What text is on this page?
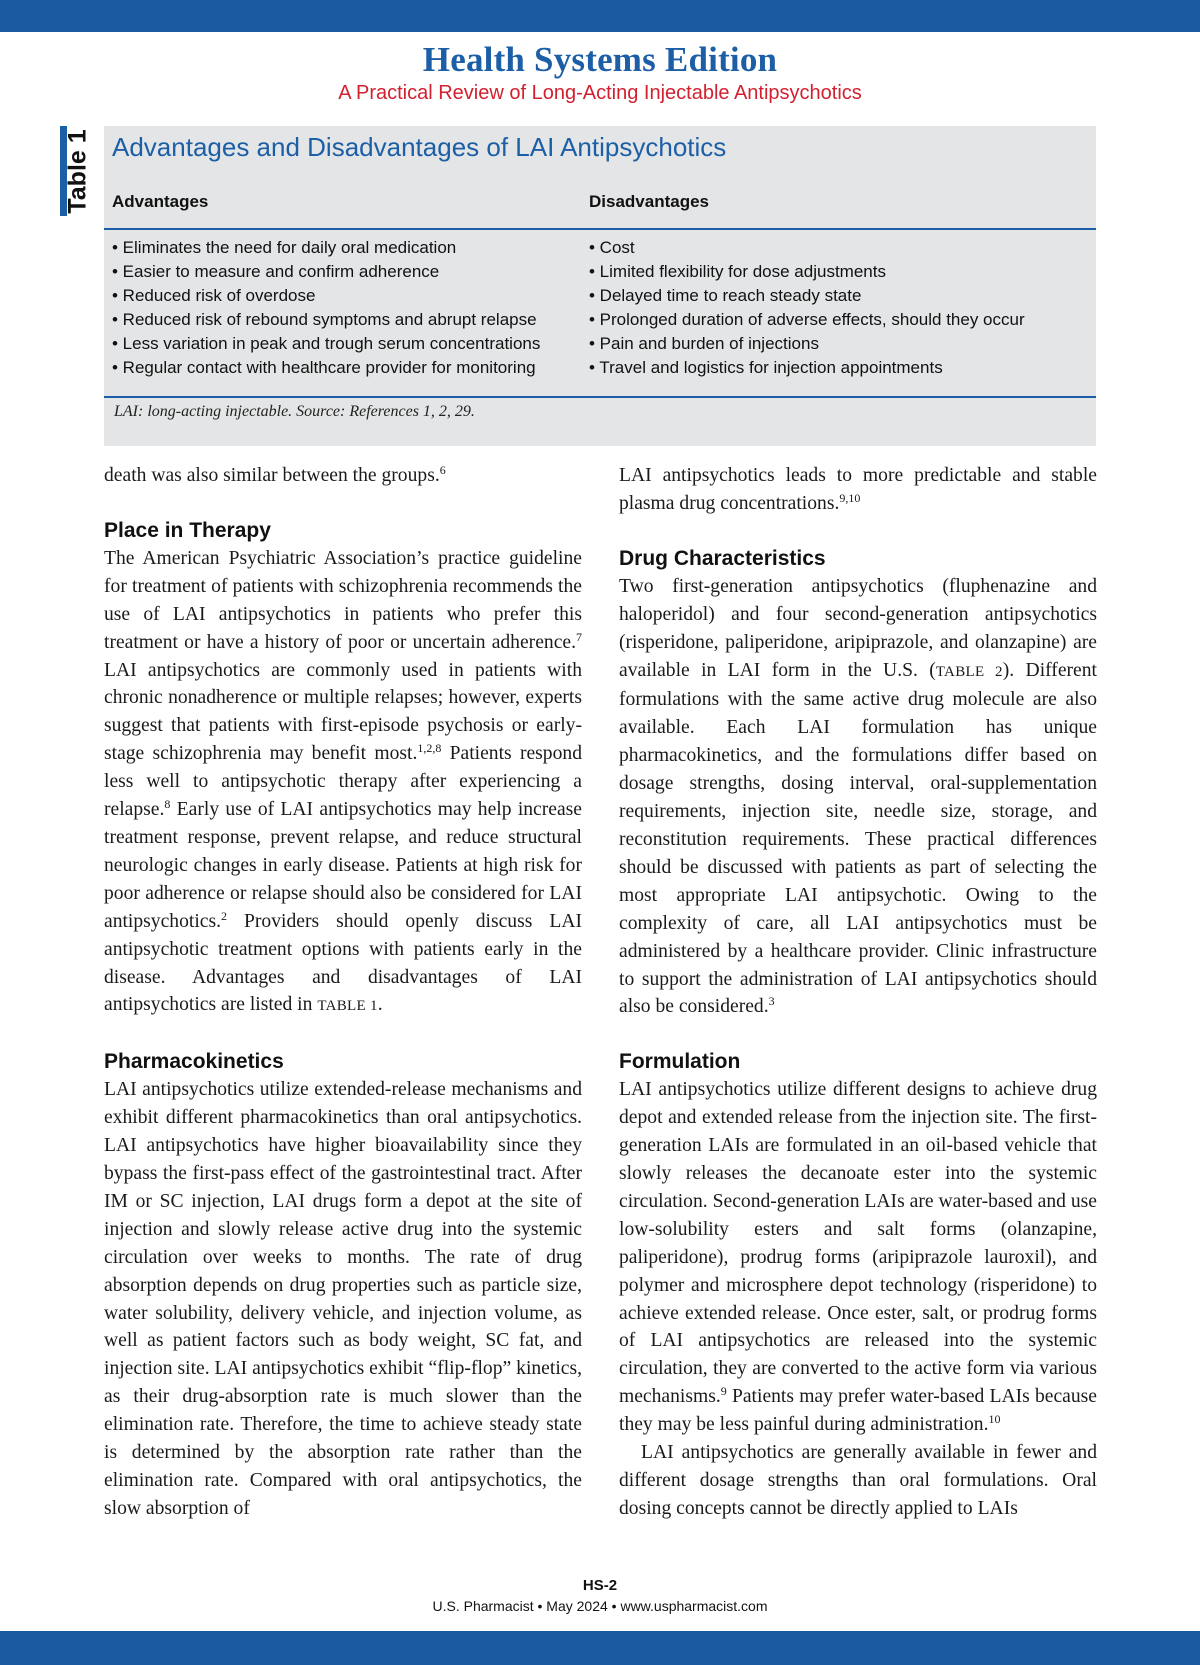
Health Systems Edition
A Practical Review of Long-Acting Injectable Antipsychotics
Table 1 Advantages and Disadvantages of LAI Antipsychotics
Advantages	Disadvantages
• Eliminates the need for daily oral medication
• Easier to measure and confirm adherence
• Reduced risk of overdose
• Reduced risk of rebound symptoms and abrupt relapse
• Less variation in peak and trough serum concentrations
• Regular contact with healthcare provider for monitoring
• Cost
• Limited flexibility for dose adjustments
• Delayed time to reach steady state
• Prolonged duration of adverse effects, should they occur
• Pain and burden of injections
• Travel and logistics for injection appointments
LAI: long-acting injectable. Source: References 1, 2, 29.

death was also similar between the groups.$^6$

Place in Therapy

The American Psychiatric Association’s practice guideline for treatment of patients with schizophrenia recommends the use of LAI antipsychotics in patients who prefer this treatment or have a history of poor or uncertain adherence.$^7$ LAI antipsychotics are commonly used in patients with chronic nonadherence or multiple relapses; however, experts suggest that patients with first-episode psychosis or early-stage schizophrenia may benefit most.$^{1,2,8}$ Patients respond less well to antipsychotic therapy after experiencing a relapse.$^8$ Early use of LAI antipsychotics may help increase treatment response, prevent relapse, and reduce structural neurologic changes in early disease. Patients at high risk for poor adherence or relapse should also be considered for LAI antipsychotics.$^2$ Providers should openly discuss LAI antipsychotic treatment options with patients early in the disease. Advantages and disadvantages of LAI antipsychotics are listed in TABLE 1.

Pharmacokinetics

LAI antipsychotics utilize extended-release mechanisms and exhibit different pharmacokinetics than oral antipsychotics. LAI antipsychotics have higher bioavailability since they bypass the first-pass effect of the gastrointestinal tract. After IM or SC injection, LAI drugs form a depot at the site of injection and slowly release active drug into the systemic circulation over weeks to months. The rate of drug absorption depends on drug properties such as particle size, water solubility, delivery vehicle, and injection volume, as well as patient factors such as body weight, SC fat, and injection site. LAI antipsychotics exhibit “flip-flop” kinetics, as their drug-absorption rate is much slower than the elimination rate. Therefore, the time to achieve steady state is determined by the absorption rate rather than the elimination rate. Compared with oral antipsychotics, the slow absorption of

LAI antipsychotics leads to more predictable and stable plasma drug concentrations.$^{9,10}$

Drug Characteristics

Two first-generation antipsychotics (fluphenazine and haloperidol) and four second-generation antipsychotics (risperidone, paliperidone, aripiprazole, and olanzapine) are available in LAI form in the U.S. (TABLE 2). Different formulations with the same active drug molecule are also available. Each LAI formulation has unique pharmacokinetics, and the formulations differ based on dosage strengths, dosing interval, oral-supplementation requirements, injection site, needle size, storage, and reconstitution requirements. These practical differences should be discussed with patients as part of selecting the most appropriate LAI antipsychotic. Owing to the complexity of care, all LAI antipsychotics must be administered by a healthcare provider. Clinic infrastructure to support the administration of LAI antipsychotics should also be considered.$^3$

Formulation

LAI antipsychotics utilize different designs to achieve drug depot and extended release from the injection site. The first-generation LAIs are formulated in an oil-based vehicle that slowly releases the decanoate ester into the systemic circulation. Second-generation LAIs are water-based and use low-solubility esters and salt forms (olanzapine, paliperidone), prodrug forms (aripiprazole lauroxil), and polymer and microsphere depot technology (risperidone) to achieve extended release. Once ester, salt, or prodrug forms of LAI antipsychotics are released into the systemic circulation, they are converted to the active form via various mechanisms.$^9$ Patients may prefer water-based LAIs because they may be less painful during administration.$^{10}$

LAI antipsychotics are generally available in fewer and different dosage strengths than oral formulations. Oral dosing concepts cannot be directly applied to LAIs

HS-2
U.S. Pharmacist • May 2024 • www.uspharmacist.com
